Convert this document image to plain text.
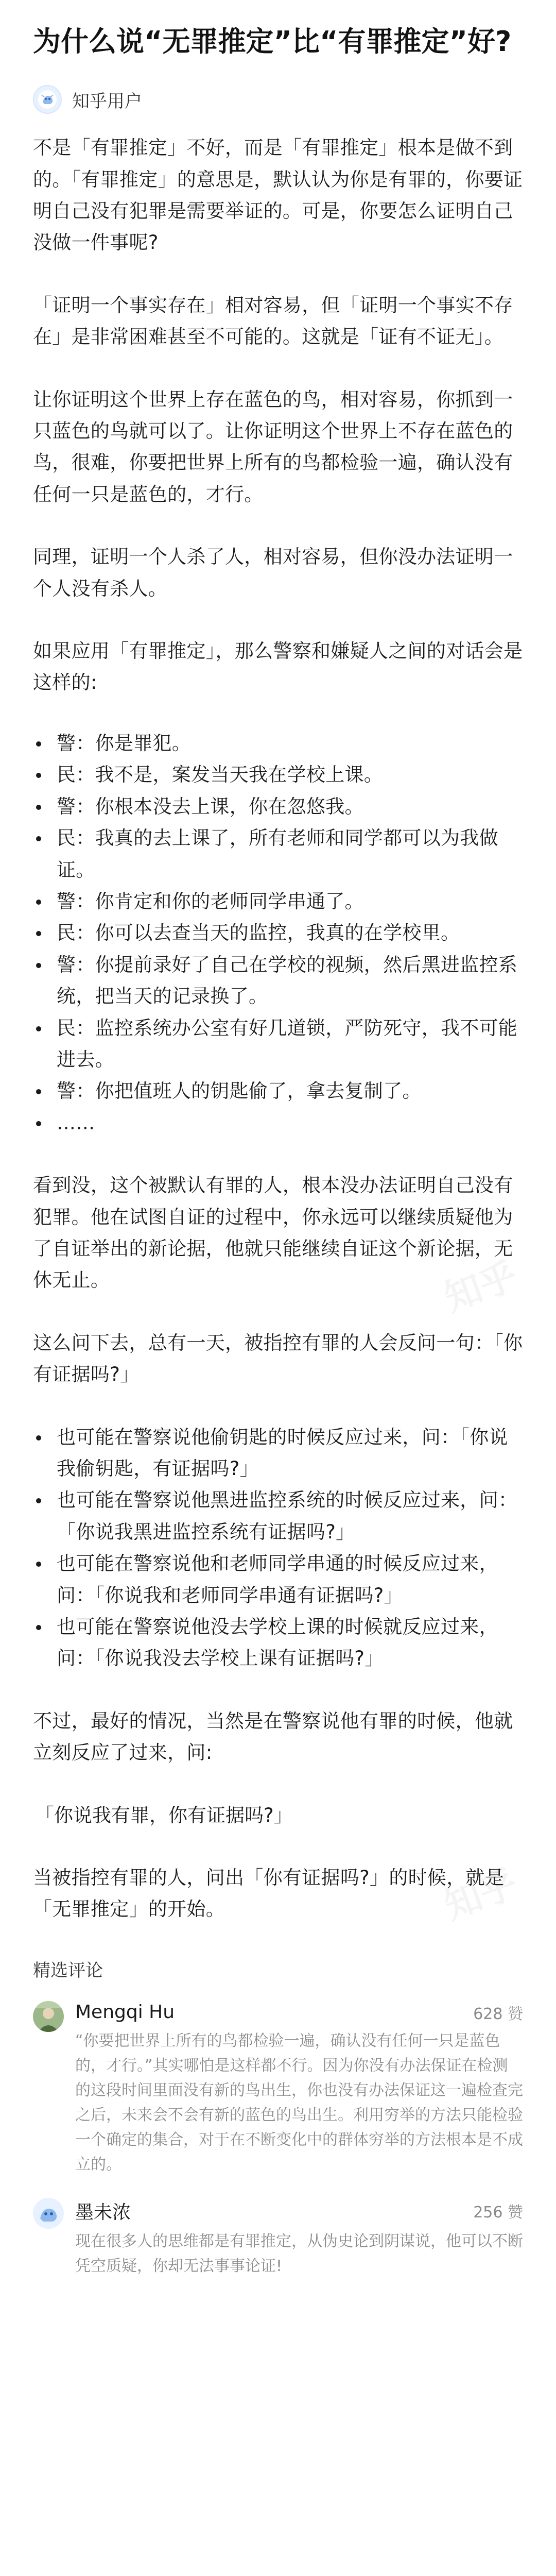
为什么说“无罪推定”比“有罪推定”好?
知乎用户

不是「有罪推定」不好，而是「有罪推定」根本是做不到的。「有罪推定」的意思是，默认认为你是有罪的，你要证明自己没有犯罪是需要举证的。可是，你要怎么证明自己没做一件事呢?

「证明一个事实存在」相对容易，但「证明一个事实不存在」是非常困难甚至不可能的。这就是「证有不证无」。

让你证明这个世界上存在蓝色的鸟，相对容易，你抓到一只蓝色的鸟就可以了。让你证明这个世界上不存在蓝色的鸟，很难，你要把世界上所有的鸟都检验一遍，确认没有任何一只是蓝色的，才行。

同理，证明一个人杀了人，相对容易，但你没办法证明一个人没有杀人。

如果应用「有罪推定」，那么警察和嫌疑人之间的对话会是这样的:

警：你是罪犯。
民：我不是，案发当天我在学校上课。
警：你根本没去上课，你在忽悠我。
民：我真的去上课了，所有老师和同学都可以为我做证。
警：你肯定和你的老师同学串通了。
民：你可以去查当天的监控，我真的在学校里。
警：你提前录好了自己在学校的视频，然后黑进监控系统，把当天的记录换了。
民：监控系统办公室有好几道锁，严防死守，我不可能进去。
警：你把值班人的钥匙偷了，拿去复制了。
……

看到没，这个被默认有罪的人，根本没办法证明自己没有犯罪。他在试图自证的过程中，你永远可以继续质疑他为了自证举出的新论据，他就只能继续自证这个新论据，无休无止。

这么问下去，总有一天，被指控有罪的人会反问一句：「你有证据吗?」

也可能在警察说他偷钥匙的时候反应过来，问：「你说我偷钥匙，有证据吗?」
也可能在警察说他黑进监控系统的时候反应过来，问：「你说我黑进监控系统有证据吗?」
也可能在警察说他和老师同学串通的时候反应过来，问：「你说我和老师同学串通有证据吗?」
也可能在警察说他没去学校上课的时候就反应过来，问：「你说我没去学校上课有证据吗?」

不过，最好的情况，当然是在警察说他有罪的时候，他就立刻反应了过来，问:

「你说我有罪，你有证据吗?」

当被指控有罪的人，问出「你有证据吗?」的时候，就是「无罪推定」的开始。

精选评论
Mengqi Hu	628 赞
“你要把世界上所有的鸟都检验一遍，确认没有任何一只是蓝色的，才行。”其实哪怕是这样都不行。因为你没有办法保证在检测的这段时间里面没有新的鸟出生，你也没有办法保证这一遍检查完之后，未来会不会有新的蓝色的鸟出生。利用穷举的方法只能检验一个确定的集合，对于在不断变化中的群体穷举的方法根本是不成立的。
墨未浓	256 赞
现在很多人的思维都是有罪推定，从伪史论到阴谋说，他可以不断凭空质疑，你却无法事事论证!
